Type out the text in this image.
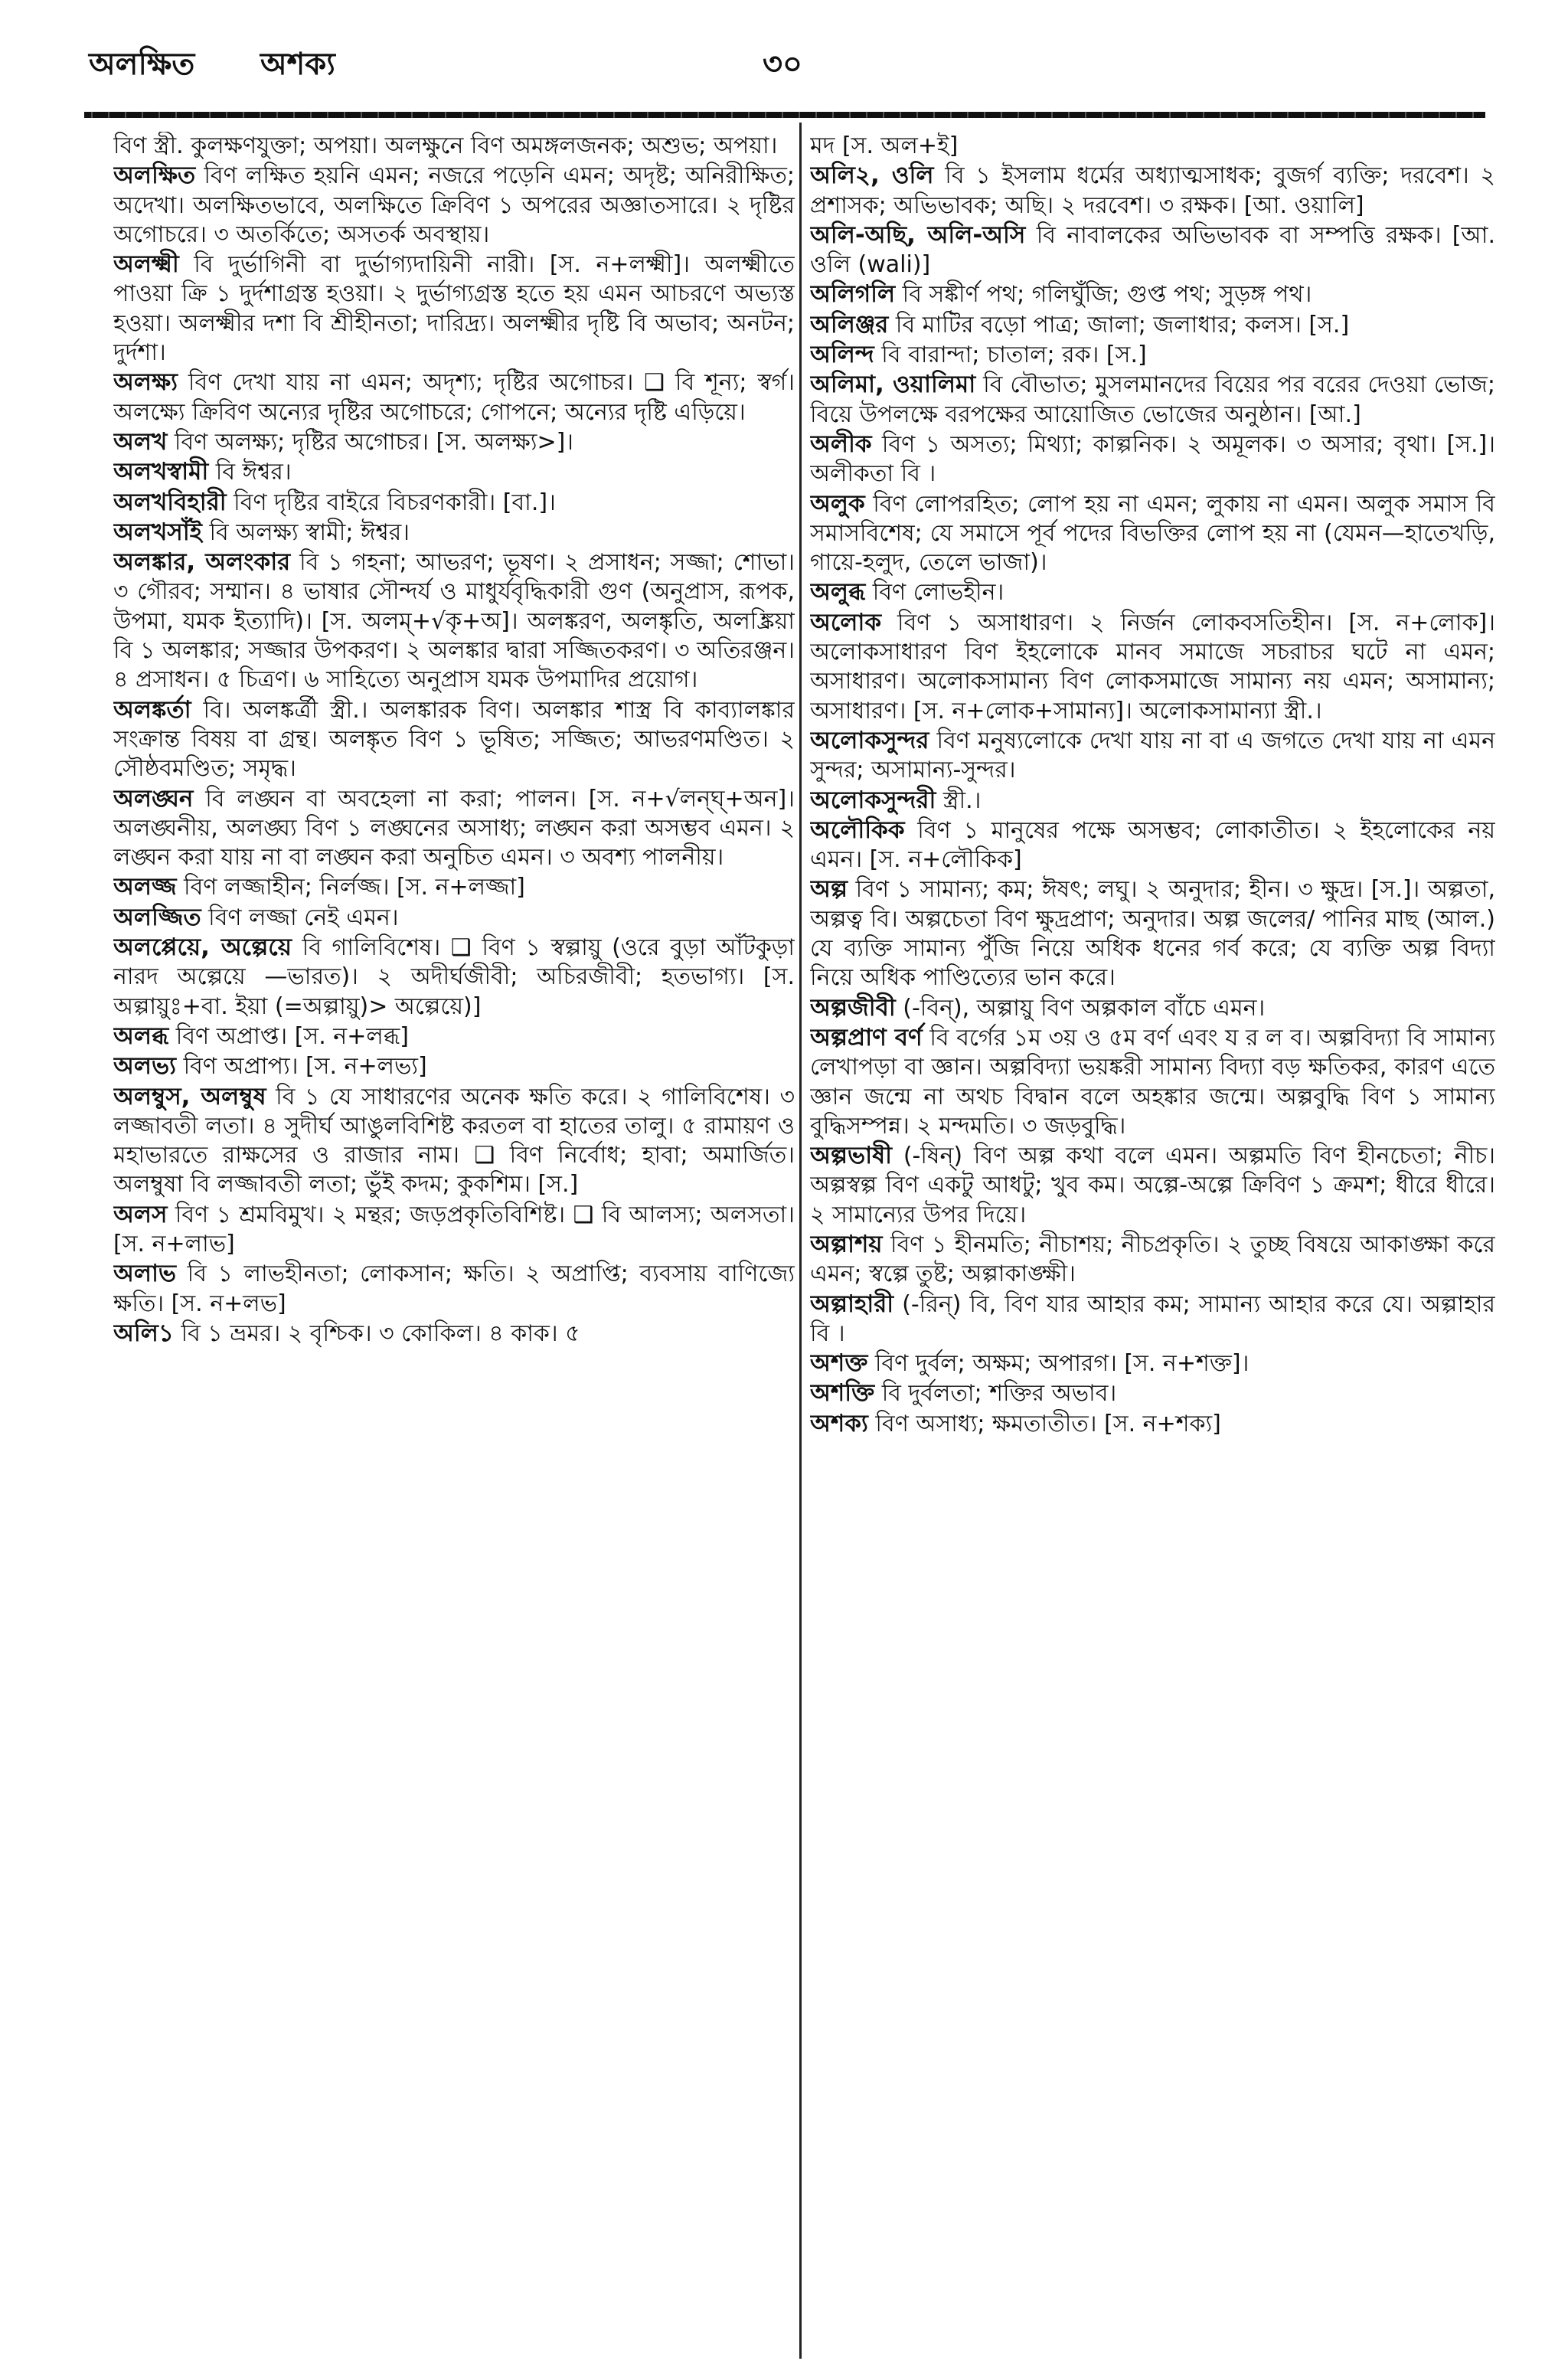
অলক্ষিত অশক্য	৩০

বিণ স্ত্রী. কুলক্ষণযুক্তা; অপয়া। অলক্ষুনে বিণ অমঙ্গলজনক; অশুভ; অপয়া।

অলক্ষিত বিণ লক্ষিত হয়নি এমন; নজরে পড়েনি এমন; অদৃষ্ট; অনিরীক্ষিত; অদেখা। অলক্ষিতভাবে, অলক্ষিতে ক্রিবিণ ১ অপরের অজ্ঞাতসারে। ২ দৃষ্টির অগোচরে। ৩ অতর্কিতে; অসতর্ক অবস্থায়।

অলক্ষ্মী বি দুর্ভাগিনী বা দুর্ভাগ্যদায়িনী নারী। [স. ন+লক্ষ্মী]। অলক্ষ্মীতে পাওয়া ক্রি ১ দুর্দশাগ্রস্ত হওয়া। ২ দুর্ভাগ্যগ্রস্ত হতে হয় এমন আচরণে অভ্যস্ত হওয়া। অলক্ষ্মীর দশা বি শ্রীহীনতা; দারিদ্র্য। অলক্ষ্মীর দৃষ্টি বি অভাব; অনটন; দুর্দশা।

অলক্ষ্য বিণ দেখা যায় না এমন; অদৃশ্য; দৃষ্টির অগোচর। ❑ বি শূন্য; স্বর্গ। অলক্ষ্যে ক্রিবিণ অন্যের দৃষ্টির অগোচরে; গোপনে; অন্যের দৃষ্টি এড়িয়ে।

অলখ বিণ অলক্ষ্য; দৃষ্টির অগোচর। [স. অলক্ষ্য>]।

অলখস্বামী বি ঈশ্বর।

অলখবিহারী বিণ দৃষ্টির বাইরে বিচরণকারী। [বা.]।

অলখসাঁই বি অলক্ষ্য স্বামী; ঈশ্বর।

অলঙ্কার, অলংকার বি ১ গহনা; আভরণ; ভূষণ। ২ প্রসাধন; সজ্জা; শোভা। ৩ গৌরব; সম্মান। ৪ ভাষার সৌন্দর্য ও মাধুর্যবৃদ্ধিকারী গুণ (অনুপ্রাস, রূপক, উপমা, যমক ইত্যাদি)। [স. অলম্+√কৃ+অ]। অলঙ্করণ, অলঙ্কৃতি, অলঙ্ক্রিয়া বি ১ অলঙ্কার; সজ্জার উপকরণ। ২ অলঙ্কার দ্বারা সজ্জিতকরণ। ৩ অতিরঞ্জন। ৪ প্রসাধন। ৫ চিত্রণ। ৬ সাহিত্যে অনুপ্রাস যমক উপমাদির প্রয়োগ।

অলঙ্কর্তা বি। অলঙ্কর্ত্রী স্ত্রী.। অলঙ্কারক বিণ। অলঙ্কার শাস্ত্র বি কাব্যালঙ্কার সংক্রান্ত বিষয় বা গ্রন্থ। অলঙ্কৃত বিণ ১ ভূষিত; সজ্জিত; আভরণমণ্ডিত। ২ সৌষ্ঠবমণ্ডিত; সমৃদ্ধ।

অলঙ্ঘন বি লঙ্ঘন বা অবহেলা না করা; পালন। [স. ন+√লন্‌ঘ্+অন]। অলঙ্ঘনীয়, অলঙ্ঘ্য বিণ ১ লঙ্ঘনের অসাধ্য; লঙ্ঘন করা অসম্ভব এমন। ২ লঙ্ঘন করা যায় না বা লঙ্ঘন করা অনুচিত এমন। ৩ অবশ্য পালনীয়।

অলজ্জ বিণ লজ্জাহীন; নির্লজ্জ। [স. ন+লজ্জা]

অলজ্জিত বিণ লজ্জা নেই এমন।

অলপ্পেয়ে, অল্পেয়ে বি গালিবিশেষ। ❑ বিণ ১ স্বল্পায়ু (ওরে বুড়া আঁটকুড়া নারদ অল্পেয়ে —ভারত)। ২ অদীর্ঘজীবী; অচিরজীবী; হতভাগ্য। [স. অল্পায়ুঃ+বা. ইয়া (=অল্পায়ু)> অল্পেয়ে)]

অলব্ধ বিণ অপ্রাপ্ত। [স. ন+লব্ধ]

অলভ্য বিণ অপ্রাপ্য। [স. ন+লভ্য]

অলম্বুস, অলম্বুষ বি ১ যে সাধারণের অনেক ক্ষতি করে। ২ গালিবিশেষ। ৩ লজ্জাবতী লতা। ৪ সুদীর্ঘ আঙুলবিশিষ্ট করতল বা হাতের তালু। ৫ রামায়ণ ও মহাভারতে রাক্ষসের ও রাজার নাম। ❑ বিণ নির্বোধ; হাবা; অমার্জিত। অলম্বুষা বি লজ্জাবতী লতা; ভুঁই কদম; কুকশিম। [স.]

অলস বিণ ১ শ্রমবিমুখ। ২ মন্থর; জড়প্রকৃতিবিশিষ্ট। ❑ বি আলস্য; অলসতা। [স. ন+লাভ]

অলাভ বি ১ লাভহীনতা; লোকসান; ক্ষতি। ২ অপ্রাপ্তি; ব্যবসায় বাণিজ্যে ক্ষতি। [স. ন+লভ]

অলি১ বি ১ ভ্রমর। ২ বৃশ্চিক। ৩ কোকিল। ৪ কাক। ৫

মদ [স. অল+ই]

অলি২, ওলি বি ১ ইসলাম ধর্মের অধ্যাত্মসাধক; বুজর্গ ব্যক্তি; দরবেশ। ২ প্রশাসক; অভিভাবক; অছি। ২ দরবেশ। ৩ রক্ষক। [আ. ওয়ালি]

অলি-অছি, অলি-অসি বি নাবালকের অভিভাবক বা সম্পত্তি রক্ষক। [আ. ওলি (wali)]

অলিগলি বি সঙ্কীর্ণ পথ; গলিঘুঁজি; গুপ্ত পথ; সুড়ঙ্গ পথ।

অলিঞ্জর বি মাটির বড়ো পাত্র; জালা; জলাধার; কলস। [স.]

অলিন্দ বি বারান্দা; চাতাল; রক। [স.]

অলিমা, ওয়ালিমা বি বৌভাত; মুসলমানদের বিয়ের পর বরের দেওয়া ভোজ; বিয়ে উপলক্ষে বরপক্ষের আয়োজিত ভোজের অনুষ্ঠান। [আ.]

অলীক বিণ ১ অসত্য; মিথ্যা; কাল্পনিক। ২ অমূলক। ৩ অসার; বৃথা। [স.]। অলীকতা বি ।

অলুক বিণ লোপরহিত; লোপ হয় না এমন; লুকায় না এমন। অলুক সমাস বি সমাসবিশেষ; যে সমাসে পূর্ব পদের বিভক্তির লোপ হয় না (যেমন—হাতেখড়ি, গায়ে-হলুদ, তেলে ভাজা)।

অলুব্ধ বিণ লোভহীন।

অলোক বিণ ১ অসাধারণ। ২ নির্জন লোকবসতিহীন। [স. ন+লোক]। অলোকসাধারণ বিণ ইহলোকে মানব সমাজে সচরাচর ঘটে না এমন; অসাধারণ। অলোকসামান্য বিণ লোকসমাজে সামান্য নয় এমন; অসামান্য; অসাধারণ। [স. ন+লোক+সামান্য]। অলোকসামান্যা স্ত্রী.।

অলোকসুন্দর বিণ মনুষ্যলোকে দেখা যায় না বা এ জগতে দেখা যায় না এমন সুন্দর; অসামান্য-সুন্দর।

অলোকসুন্দরী স্ত্রী.।

অলৌকিক বিণ ১ মানুষের পক্ষে অসম্ভব; লোকাতীত। ২ ইহলোকের নয় এমন। [স. ন+লৌকিক]

অল্প বিণ ১ সামান্য; কম; ঈষৎ; লঘু। ২ অনুদার; হীন। ৩ ক্ষুদ্র। [স.]। অল্পতা, অল্পত্ব বি। অল্পচেতা বিণ ক্ষুদ্রপ্রাণ; অনুদার। অল্প জলের/ পানির মাছ (আল.) যে ব্যক্তি সামান্য পুঁজি নিয়ে অধিক ধনের গর্ব করে; যে ব্যক্তি অল্প বিদ্যা নিয়ে অধিক পাণ্ডিত্যের ভান করে।

অল্পজীবী (-বিন্), অল্পায়ু বিণ অল্পকাল বাঁচে এমন।

অল্পপ্রাণ বর্ণ বি বর্গের ১ম ৩য় ও ৫ম বর্ণ এবং য র ল ব। অল্পবিদ্যা বি সামান্য লেখাপড়া বা জ্ঞান। অল্পবিদ্যা ভয়ঙ্করী সামান্য বিদ্যা বড় ক্ষতিকর, কারণ এতে জ্ঞান জন্মে না অথচ বিদ্বান বলে অহঙ্কার জন্মে। অল্পবুদ্ধি বিণ ১ সামান্য বুদ্ধিসম্পন্ন। ২ মন্দমতি। ৩ জড়বুদ্ধি।

অল্পভাষী (-ষিন্) বিণ অল্প কথা বলে এমন। অল্পমতি বিণ হীনচেতা; নীচ। অল্পস্বল্প বিণ একটু আধটু; খুব কম। অল্পে-অল্পে ক্রিবিণ ১ ক্রমশ; ধীরে ধীরে। ২ সামান্যের উপর দিয়ে।

অল্পাশয় বিণ ১ হীনমতি; নীচাশয়; নীচপ্রকৃতি। ২ তুচ্ছ বিষয়ে আকাঙ্ক্ষা করে এমন; স্বল্পে তুষ্ট; অল্পাকাঙ্ক্ষী।

অল্পাহারী (-রিন্) বি, বিণ যার আহার কম; সামান্য আহার করে যে। অল্পাহার বি ।

অশক্ত বিণ দুর্বল; অক্ষম; অপারগ। [স. ন+শক্ত]।

অশক্তি বি দুর্বলতা; শক্তির অভাব।

অশক্য বিণ অসাধ্য; ক্ষমতাতীত। [স. ন+শক্য]
